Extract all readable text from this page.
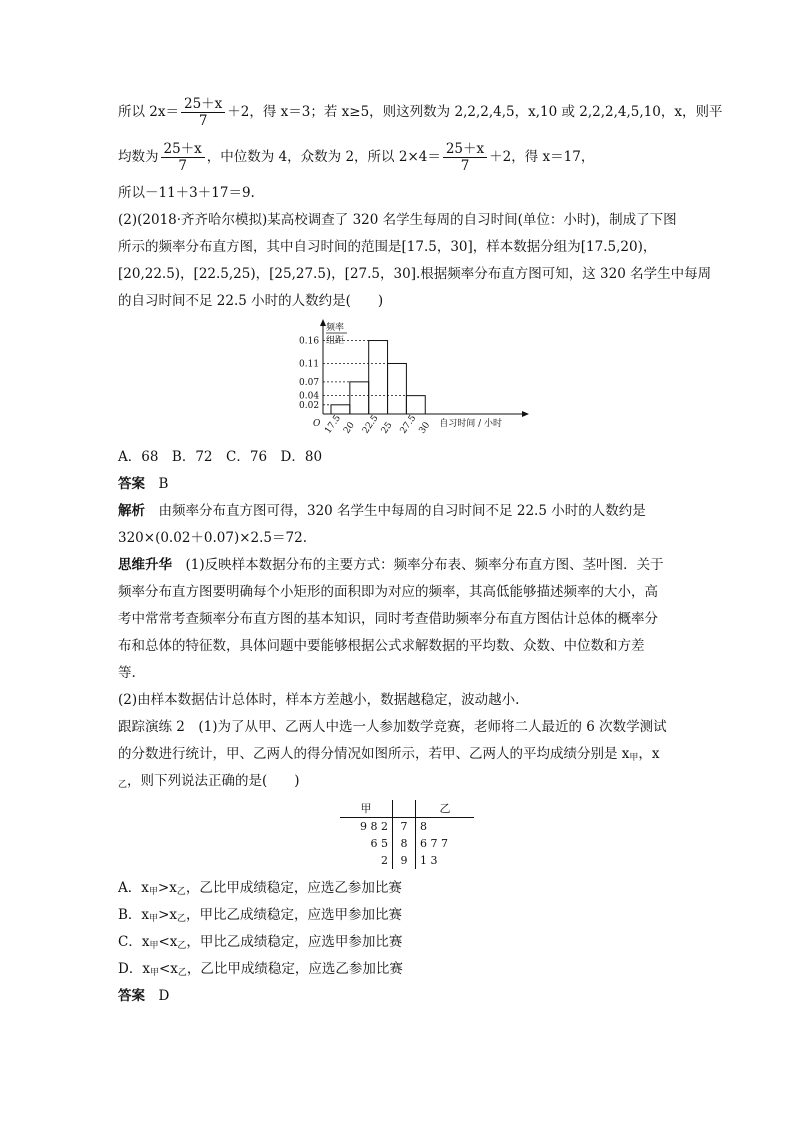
所以 $2x= \frac{25+x}{7} +2$，得 x＝3；若 x≥5，则这列数为 2,2,2,4,5，x,10 或 2,2,2,4,5,10，x，则平
均数为 $\frac{25+x}{7}$ ，中位数为 4，众数为 2，所以 $2\times 4= \frac{25+x}{7} +2$，得 x＝17，
所以－11＋3＋17＝9.
(2)(2018·齐齐哈尔模拟)某高校调查了 320 名学生每周的自习时间(单位：小时)，制成了下图
所示的频率分布直方图，其中自习时间的范围是[17.5，30]，样本数据分组为[17.5,20)，
[20,22.5)，[22.5,25)，[25,27.5)，[27.5，30].根据频率分布直方图可知，这 320 名学生中每周
的自习时间不足 22.5 小时的人数约是(　　)
频率
组距
O
0.16
0.11
0.07
0.04
0.02
17.5 20 22.5 25 27.5 30 自习时间 / 小时
A．68　B．72　C．76　D．80
答案　 B
解析　 由频率分布直方图可得，320 名学生中每周的自习时间不足 22.5 小时的人数约是
320×(0.02＋0.07)×2.5＝72.
思维升华　 (1)反映样本数据分布的主要方式：频率分布表、频率分布直方图、茎叶图．关于
频率分布直方图要明确每个小矩形的面积即为对应的频率，其高低能够描述频率的大小，高
考中常常考查频率分布直方图的基本知识，同时考查借助频率分布直方图估计总体的概率分
布和总体的特征数，具体问题中要能够根据公式求解数据的平均数、众数、中位数和方差
等.
(2)由样本数据估计总体时，样本方差越小，数据越稳定，波动越小.
跟踪演练 2　 (1)为了从甲、乙两人中选一人参加数学竞赛，老师将二人最近的 6 次数学测试
的分数进行统计，甲、乙两人的得分情况如图所示，若甲、乙两人的平均成绩分别是 $x_甲$，x
$_乙$，则下列说法正确的是(　　)
甲		乙
9 8 2	7	8
6 5	8	6 7 7
2	9	1 3
A．$x_甲>x_乙$，乙比甲成绩稳定，应选乙参加比赛
B．$x_甲>x_乙$，甲比乙成绩稳定，应选甲参加比赛
C．$x_甲<x_乙$，甲比乙成绩稳定，应选甲参加比赛
D．$x_甲<x_乙$，乙比甲成绩稳定，应选乙参加比赛
答案　 D
